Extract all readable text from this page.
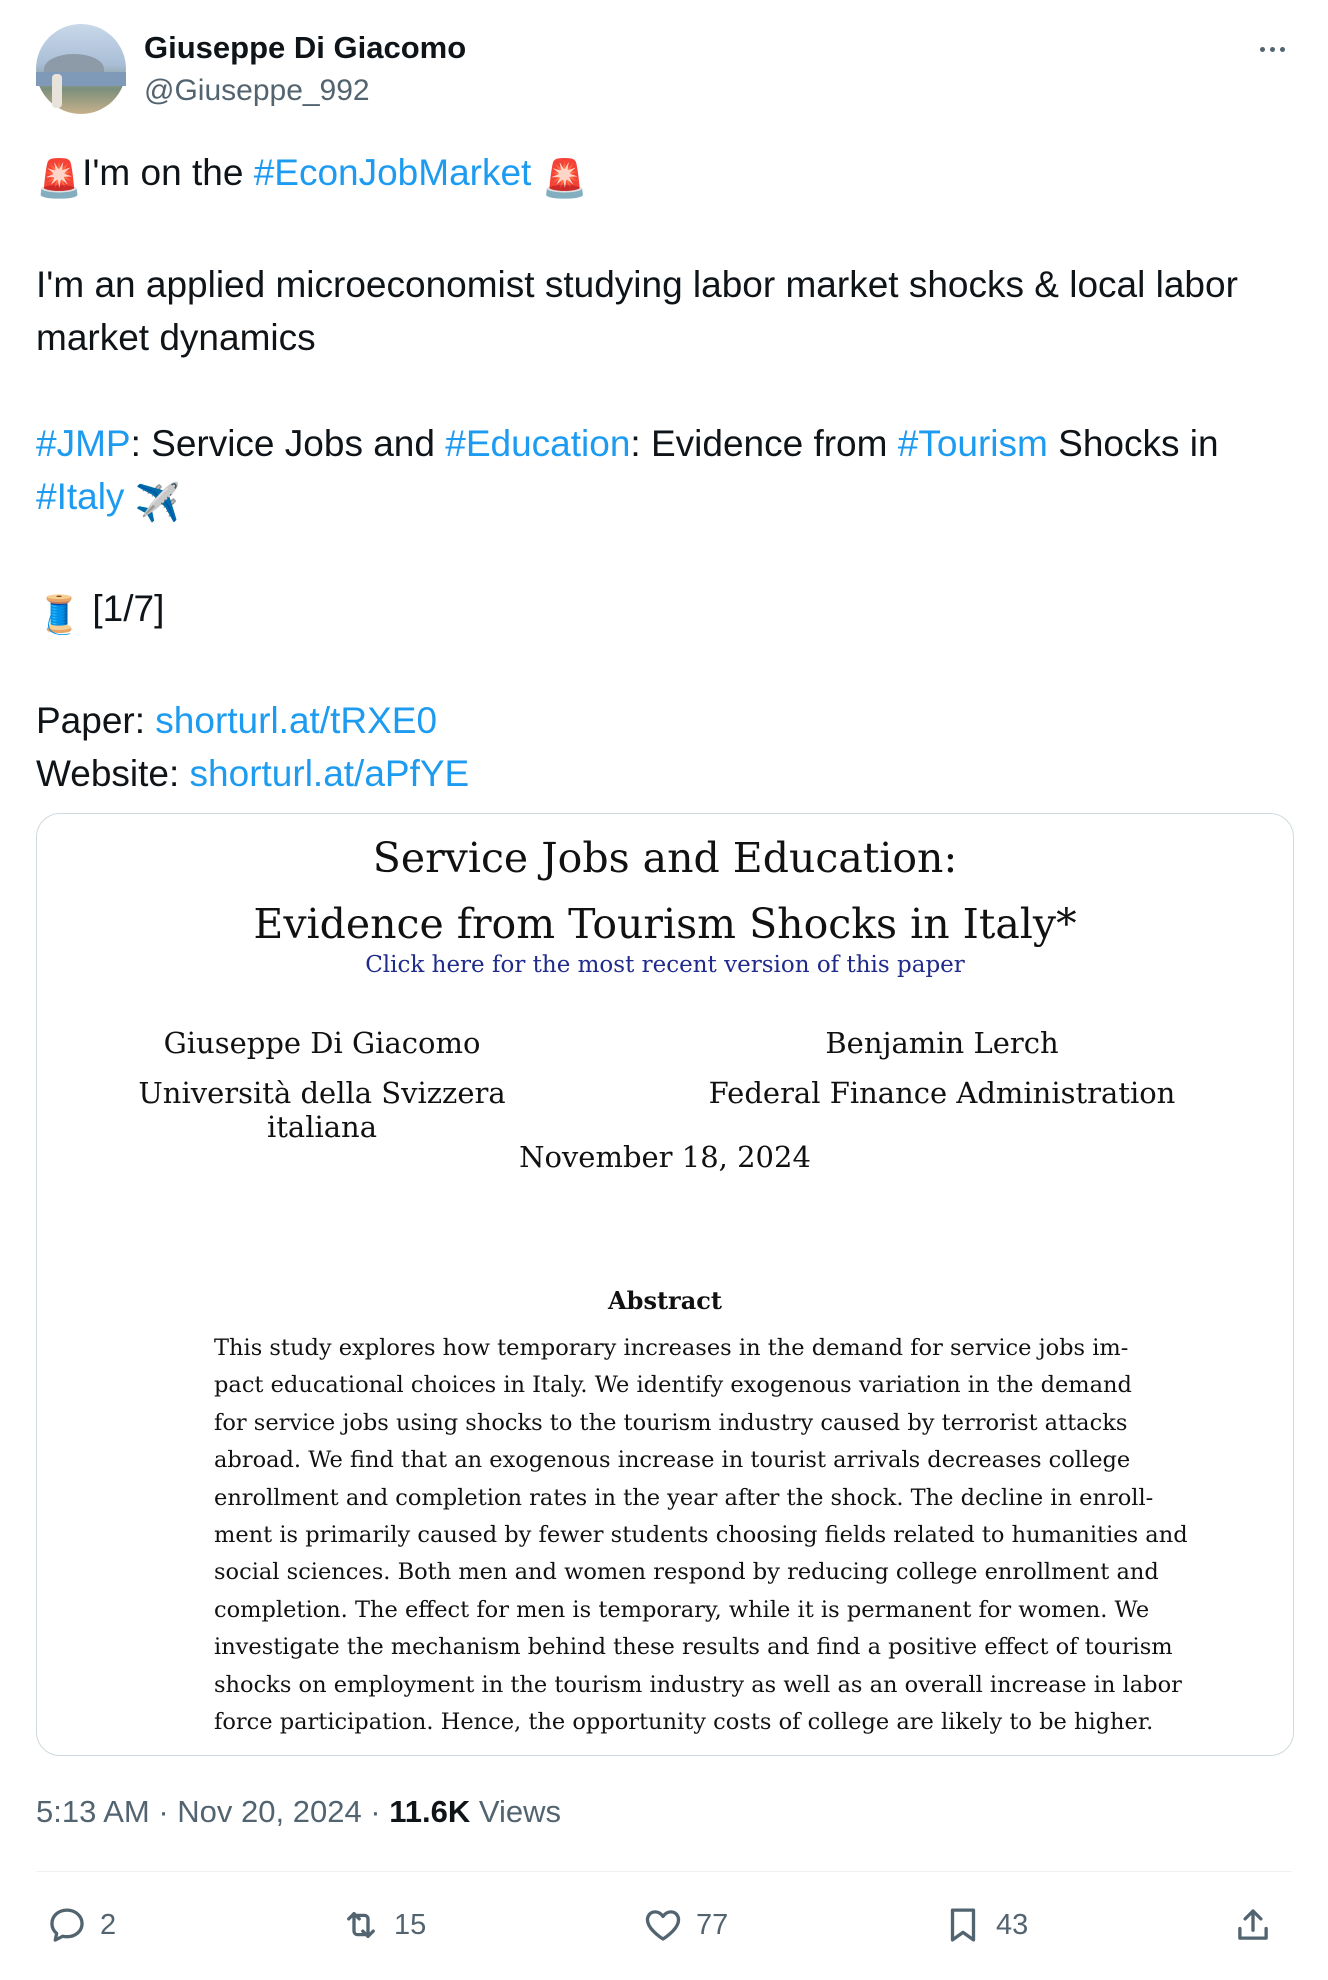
Giuseppe Di Giacomo
@Giuseppe_992

🚨I'm on the #EconJobMarket 🚨

I'm an applied microeconomist studying labor market shocks & local labor market dynamics

#JMP: Service Jobs and #Education: Evidence from #Tourism Shocks in
#Italy ✈️

🧵 [1/7]

Paper: shorturl.at/tRXE0

Website: shorturl.at/aPfYE

Service Jobs and Education:
Evidence from Tourism Shocks in Italy*
Click here for the most recent version of this paper
Giuseppe Di Giacomo
Università della Svizzera italiana
Benjamin Lerch
Federal Finance Administration
November 18, 2024
Abstract
This study explores how temporary increases in the demand for service jobs im-
pact educational choices in Italy. We identify exogenous variation in the demand
for service jobs using shocks to the tourism industry caused by terrorist attacks
abroad. We find that an exogenous increase in tourist arrivals decreases college
enrollment and completion rates in the year after the shock. The decline in enroll-
ment is primarily caused by fewer students choosing fields related to humanities and
social sciences. Both men and women respond by reducing college enrollment and
completion. The effect for men is temporary, while it is permanent for women. We
investigate the mechanism behind these results and find a positive effect of tourism
shocks on employment in the tourism industry as well as an overall increase in labor
force participation. Hence, the opportunity costs of college are likely to be higher.
5:13 AM · Nov 20, 2024 · 11.6K Views
2	15	77	43
